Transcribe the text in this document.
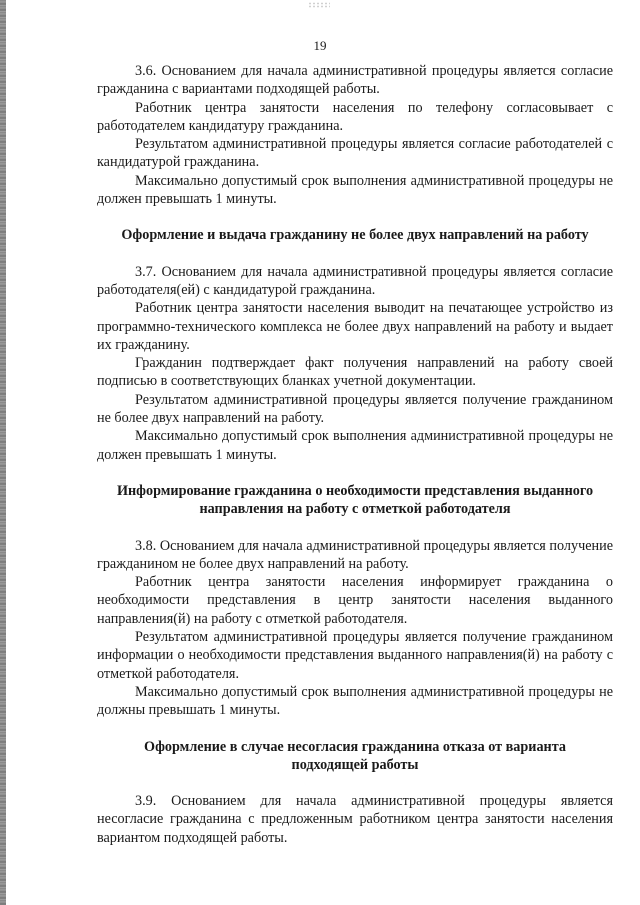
19

3.6. Основанием для начала административной процедуры является согласие гражданина с вариантами подходящей работы.

Работник центра занятости населения по телефону согласовывает с работодателем кандидатуру гражданина.

Результатом административной процедуры является согласие работодателей с кандидатурой гражданина.

Максимально допустимый срок выполнения административной процедуры не должен превышать 1 минуты.

Оформление и выдача гражданину не более двух направлений на работу

3.7. Основанием для начала административной процедуры является согласие работодателя(ей) с кандидатурой гражданина.

Работник центра занятости населения выводит на печатающее устройство из программно-технического комплекса не более двух направлений на работу и выдает их гражданину.

Гражданин подтверждает факт получения направлений на работу своей подписью в соответствующих бланках учетной документации.

Результатом административной процедуры является получение гражданином не более двух направлений на работу.

Максимально допустимый срок выполнения административной процедуры не должен превышать 1 минуты.

Информирование гражданина о необходимости представления выданного

направления на работу с отметкой работодателя

3.8. Основанием для начала административной процедуры является получение гражданином не более двух направлений на работу.

Работник центра занятости населения информирует гражданина о необходимости представления в центр занятости населения выданного направления(й) на работу с отметкой работодателя.

Результатом административной процедуры является получение гражданином информации о необходимости представления выданного направления(й) на работу с отметкой работодателя.

Максимально допустимый срок выполнения административной процедуры не должны превышать 1 минуты.

Оформление в случае несогласия гражданина отказа от варианта

подходящей работы

3.9. Основанием для начала административной процедуры является несогласие гражданина с предложенным работником центра занятости населения вариантом подходящей работы.
